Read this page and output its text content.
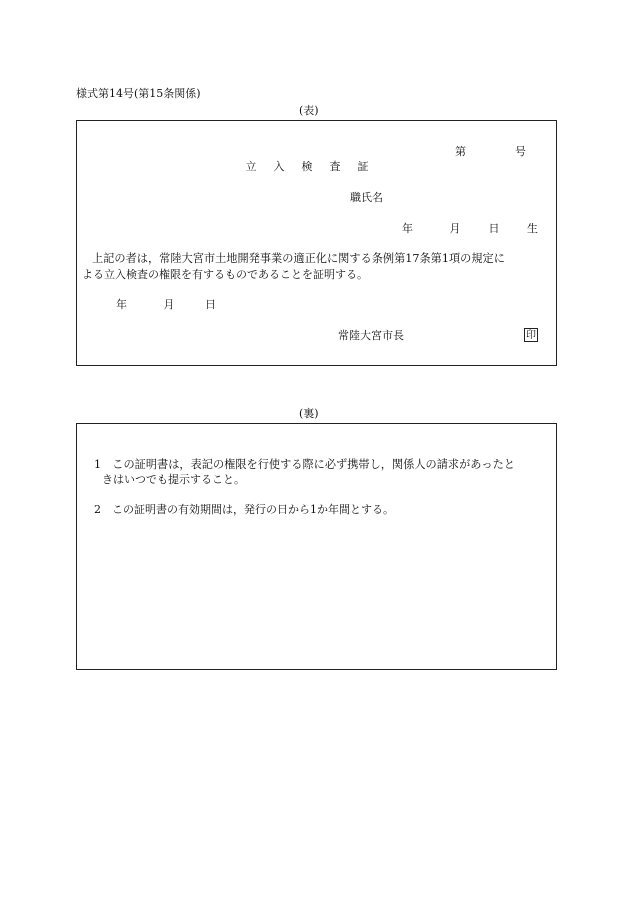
様式第14号(第15条関係)
(表)
第	号
立 入 検 査 証
職氏名
年	月	日	生
上記の者は，常陸大宮市土地開発事業の適正化に関する条例第17条第1項の規定に
よる立入検査の権限を有するものであることを証明する。
年	月	日
常陸大宮市長	印
(裏)
1　この証明書は，表記の権限を行使する際に必ず携帯し，関係人の請求があったと
きはいつでも提示すること。
2　この証明書の有効期間は，発行の日から1か年間とする。
